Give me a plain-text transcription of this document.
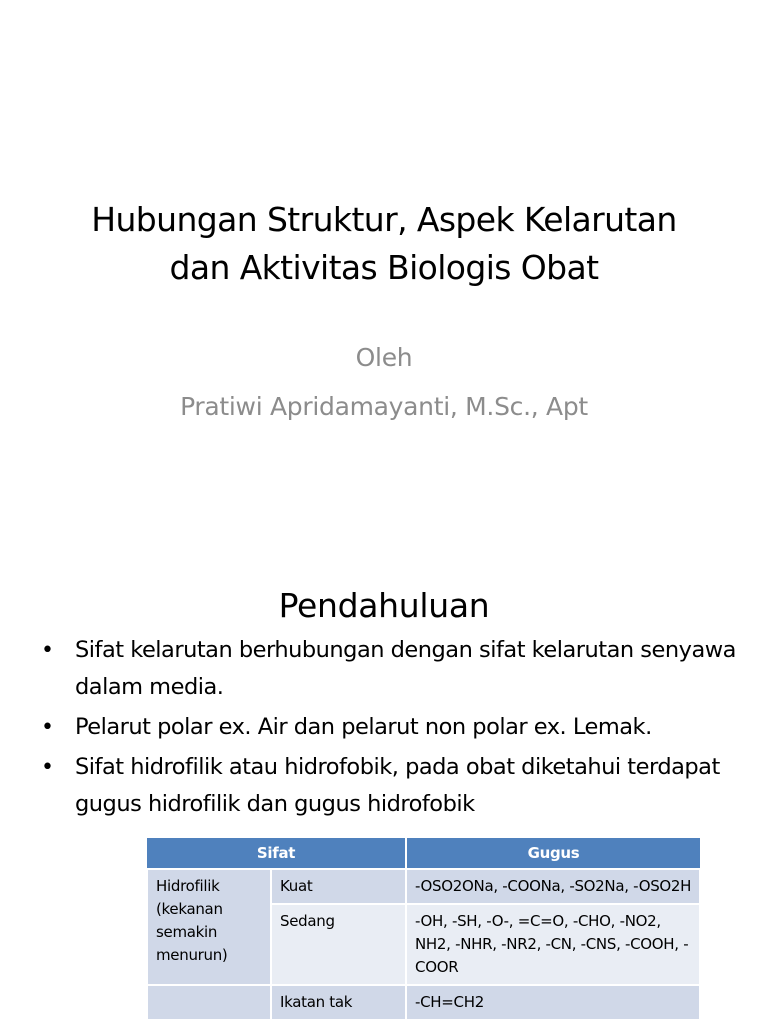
Hubungan Struktur, Aspek Kelarutan
dan Aktivitas Biologis Obat
Oleh
Pratiwi Apridamayanti, M.Sc., Apt
Pendahuluan
• Sifat kelarutan berhubungan dengan sifat kelarutan senyawa dalam media.
• Pelarut polar ex. Air dan pelarut non polar ex. Lemak.
• Sifat hidrofilik atau hidrofobik, pada obat diketahui terdapat gugus hidrofilik dan gugus hidrofobik
Sifat		Gugus
Hidrofilik (kekanan semakin menurun)	Kuat	-OSO2ONa, -COONa, -SO2Na, -OSO2H
	Sedang	-OH, -SH, -O-, =C=O, -CHO, -NO2, NH2, -NHR, -NR2, -CN, -CNS, -COOH, -COOR
	Ikatan tak	-CH=CH2
